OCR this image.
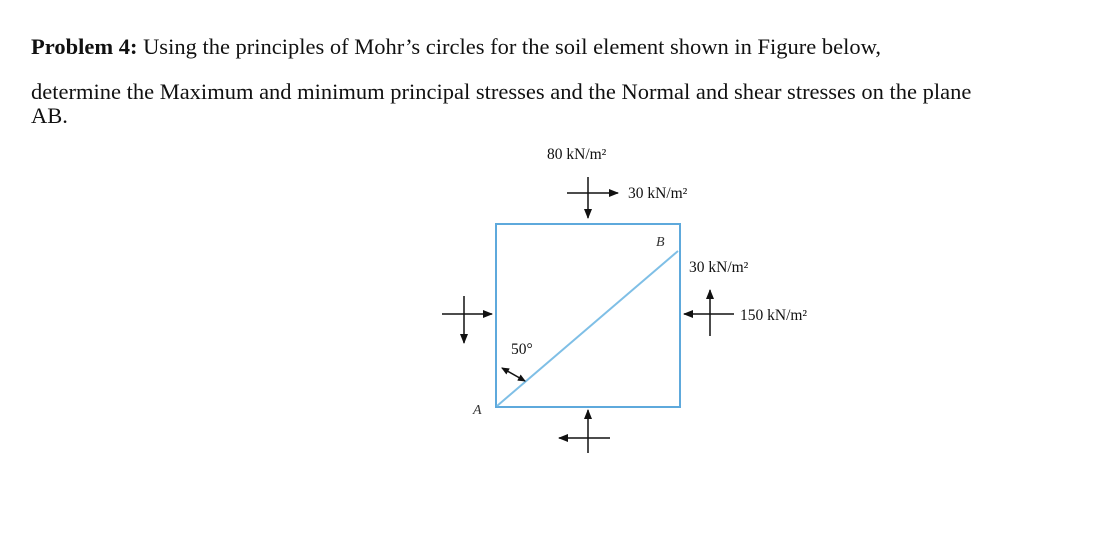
Problem 4: Using the principles of Mohr’s circles for the soil element shown in Figure below,
determine the Maximum and minimum principal stresses and the Normal and shear stresses on the plane
AB.
80 kN/m²
30 kN/m²
30 kN/m²
150 kN/m²
50°
A
B
